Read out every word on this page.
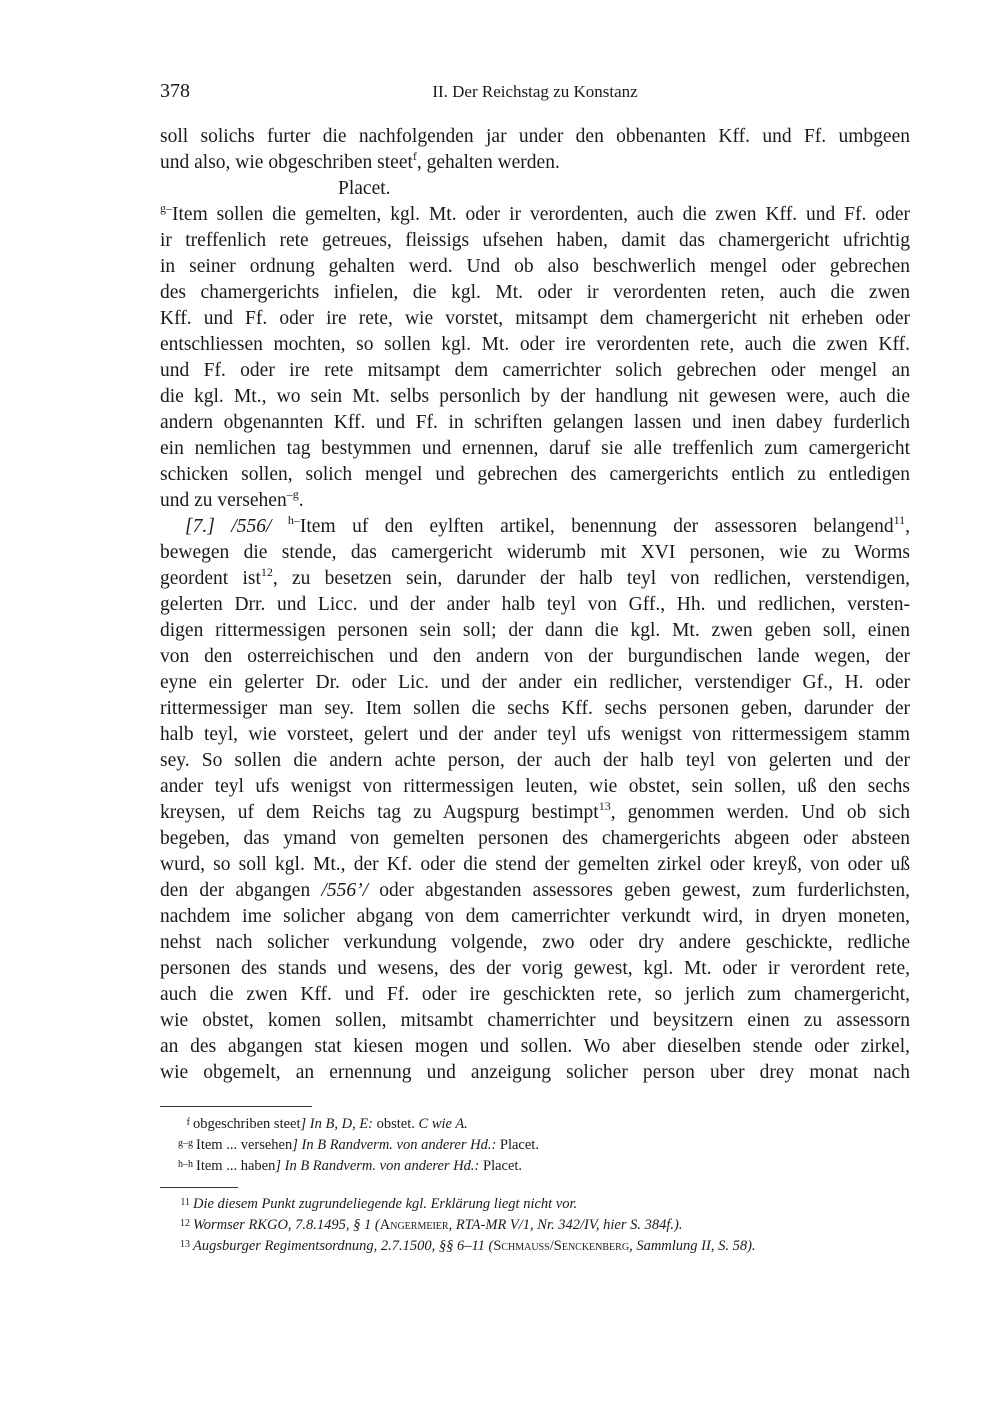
378	II. Der Reichstag zu Konstanz
soll solichs furter die nachfolgenden jar under den obbenanten Kff. und Ff. umbgeen
und also, wie obgeschriben steet$^f$, gehalten werden.
Placet.
$^{g-}$Item sollen die gemelten, kgl. Mt. oder ir verordenten, auch die zwen Kff. und Ff. oder
ir treffenlich rete getreues, fleissigs ufsehen haben, damit das chamergericht ufrichtig
in seiner ordnung gehalten werd. Und ob also beschwerlich mengel oder gebrechen
des chamergerichts infielen, die kgl. Mt. oder ir verordenten reten, auch die zwen
Kff. und Ff. oder ire rete, wie vorstet, mitsampt dem chamergericht nit erheben oder
entschliessen mochten, so sollen kgl. Mt. oder ire verordenten rete, auch die zwen Kff.
und Ff. oder ire rete mitsampt dem camerrichter solich gebrechen oder mengel an
die kgl. Mt., wo sein Mt. selbs personlich by der handlung nit gewesen were, auch die
andern obgenannten Kff. und Ff. in schriften gelangen lassen und inen dabey furderlich
ein nemlichen tag bestymmen und ernennen, daruf sie alle treffenlich zum camergericht
schicken sollen, solich mengel und gebrechen des camergerichts entlich zu entledigen
und zu versehen$^{-g}$.
[7.] /556/ $^{h-}$Item uf den eylften artikel, benennung der assessoren belangend$^{11}$,
bewegen die stende, das camergericht widerumb mit XVI personen, wie zu Worms
geordent ist$^{12}$, zu besetzen sein, darunder der halb teyl von redlichen, verstendigen,
gelerten Drr. und Licc. und der ander halb teyl von Gff., Hh. und redlichen, versten-
digen rittermessigen personen sein soll; der dann die kgl. Mt. zwen geben soll, einen
von den osterreichischen und den andern von der burgundischen lande wegen, der
eyne ein gelerter Dr. oder Lic. und der ander ein redlicher, verstendiger Gf., H. oder
rittermessiger man sey. Item sollen die sechs Kff. sechs personen geben, darunder der
halb teyl, wie vorsteet, gelert und der ander teyl ufs wenigst von rittermessigem stamm
sey. So sollen die andern achte person, der auch der halb teyl von gelerten und der
ander teyl ufs wenigst von rittermessigen leuten, wie obstet, sein sollen, uß den sechs
kreysen, uf dem Reichs tag zu Augspurg bestimpt$^{13}$, genommen werden. Und ob sich
begeben, das ymand von gemelten personen des chamergerichts abgeen oder absteen
wurd, so soll kgl. Mt., der Kf. oder die stend der gemelten zirkel oder kreyß, von oder uß
den der abgangen /556’/ oder abgestanden assessores geben gewest, zum furderlichsten,
nachdem ime solicher abgang von dem camerrichter verkundt wird, in dryen moneten,
nehst nach solicher verkundung volgende, zwo oder dry andere geschickte, redliche
personen des stands und wesens, des der vorig gewest, kgl. Mt. oder ir verordent rete,
auch die zwen Kff. und Ff. oder ire geschickten rete, so jerlich zum chamergericht,
wie obstet, komen sollen, mitsambt chamerrichter und beysitzern einen zu assessorn
an des abgangen stat kiesen mogen und sollen. Wo aber dieselben stende oder zirkel,
wie obgemelt, an ernennung und anzeigung solicher person uber drey monat nach
f obgeschriben steet] In B, D, E: obstet. C wie A.
g–g Item ... versehen] In B Randverm. von anderer Hd.: Placet.
h–h Item ... haben] In B Randverm. von anderer Hd.: Placet.
11 Die diesem Punkt zugrundeliegende kgl. Erklärung liegt nicht vor.
12 Wormser RKGO, 7.8.1495, § 1 (Angermeier, RTA-MR V/1, Nr. 342/IV, hier S. 384f.).
13 Augsburger Regimentsordnung, 2.7.1500, §§ 6–11 (Schmauss/Senckenberg, Sammlung II, S. 58).
